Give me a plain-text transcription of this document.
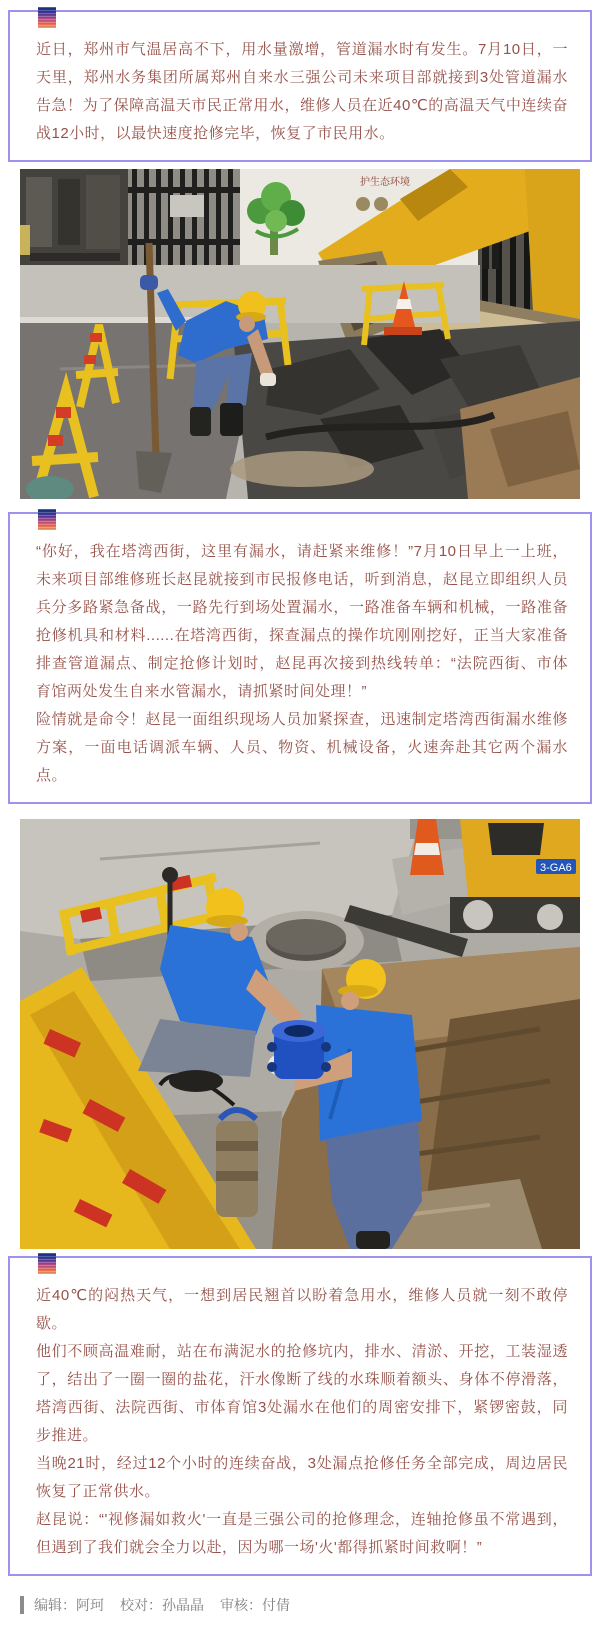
近日，郑州市气温居高不下，用水量激增，管道漏水时有发生。7月10日，一天里，郑州水务集团所属郑州自来水三强公司未来项目部就接到3处管道漏水告急！为了保障高温天市民正常用水，维修人员在近40℃的高温天气中连续奋战12小时，以最快速度抢修完毕，恢复了市民用水。

护生态环境

“你好，我在塔湾西街，这里有漏水，请赶紧来维修！”7月10日早上一上班，未来项目部维修班长赵昆就接到市民报修电话，听到消息，赵昆立即组织人员兵分多路紧急备战，一路先行到场处置漏水，一路准备车辆和机械，一路准备抢修机具和材料......在塔湾西街，探查漏点的操作坑刚刚挖好，正当大家准备排查管道漏点、制定抢修计划时，赵昆再次接到热线转单：“法院西街、市体育馆两处发生自来水管漏水，请抓紧时间处理！”

险情就是命令！赵昆一面组织现场人员加紧探查，迅速制定塔湾西街漏水维修方案，一面电话调派车辆、人员、物资、机械设备，火速奔赴其它两个漏水点。

3-GA6

近40℃的闷热天气，一想到居民翘首以盼着急用水，维修人员就一刻不敢停歇。

他们不顾高温难耐，站在布满泥水的抢修坑内，排水、清淤、开挖，工装湿透了，结出了一圈一圈的盐花，汗水像断了线的水珠顺着额头、身体不停滑落，塔湾西街、法院西街、市体育馆3处漏水在他们的周密安排下，紧锣密鼓，同步推进。

当晚21时，经过12个小时的连续奋战，3处漏点抢修任务全部完成，周边居民恢复了正常供水。

赵昆说：“'视修漏如救火'一直是三强公司的抢修理念，连轴抢修虽不常遇到，但遇到了我们就会全力以赴，因为哪一场'火'都得抓紧时间救啊！”

编辑：阿珂 校对：孙晶晶 审核：付倩
